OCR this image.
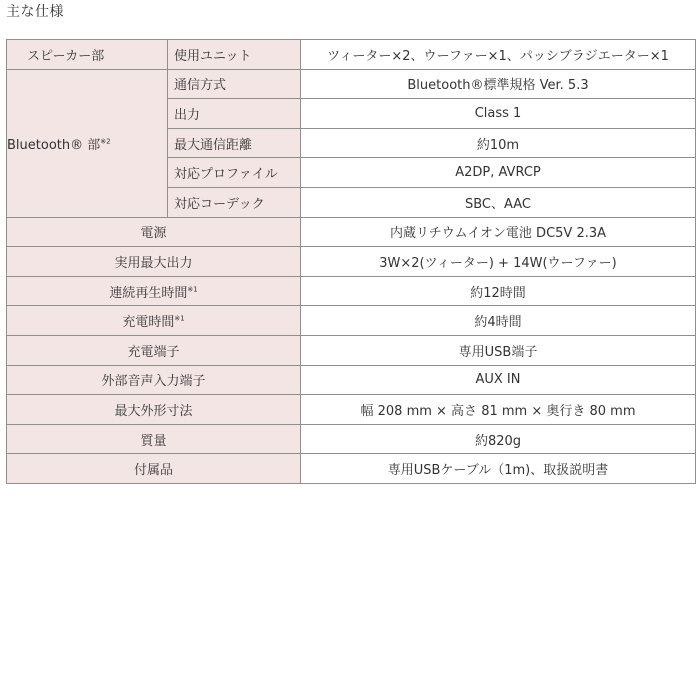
主な仕様
スピーカー部	使用ユニット	ツィーター×2、ウーファー×1、パッシブラジエーター×1
Bluetooth® 部$^{※2}$	通信方式	Bluetooth®標準規格 Ver. 5.3
	出力	Class 1
	最大通信距離	約10m
	対応プロファイル	A2DP, AVRCP
	対応コーデック	SBC、AAC
電源		内蔵リチウムイオン電池 DC5V 2.3A
実用最大出力		3W×2(ツィーター) + 14W(ウーファー)
連続再生時間$^{※1}$		約12時間
充電時間$^{※1}$		約4時間
充電端子		専用USB端子
外部音声入力端子		AUX IN
最大外形寸法		幅 208 mm × 高さ 81 mm × 奥行き 80 mm
質量		約820g
付属品		専用USBケーブル（1m)、取扱説明書
